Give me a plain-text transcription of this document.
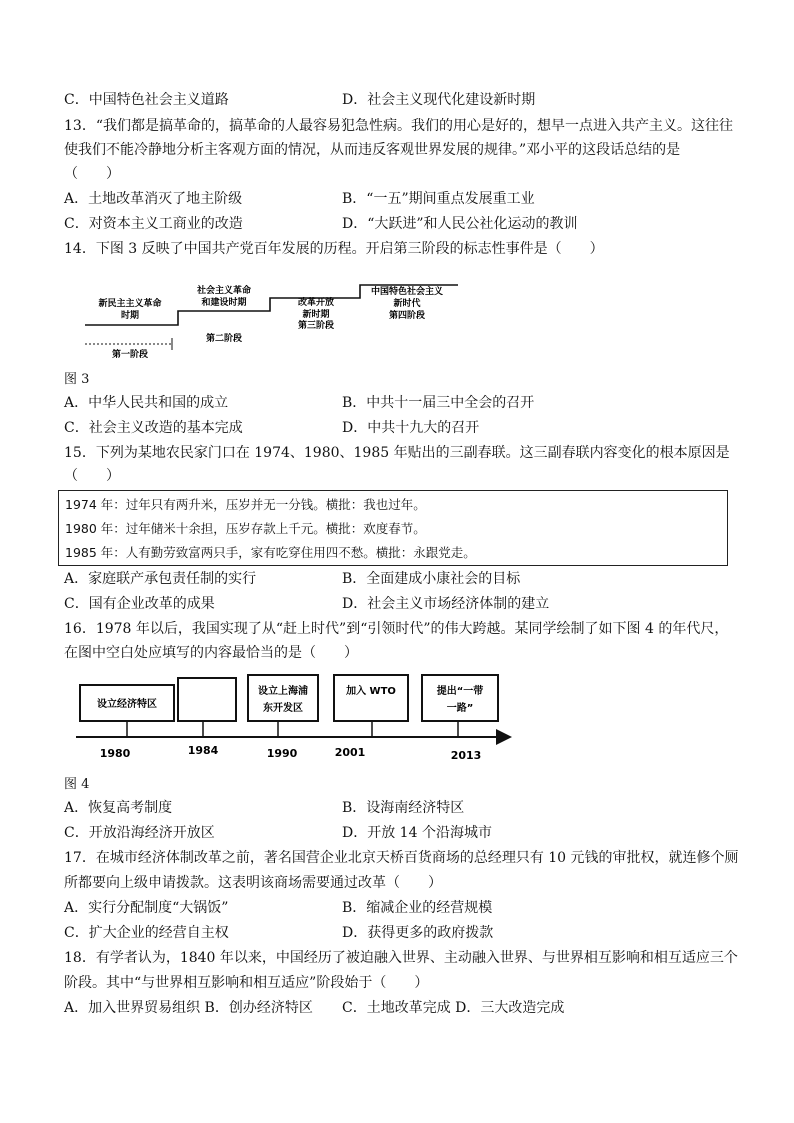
C．中国特色社会主义道路	D．社会主义现代化建设新时期
13．“我们都是搞革命的，搞革命的人最容易犯急性病。我们的用心是好的，想早一点进入共产主义。这往往
使我们不能冷静地分析主客观方面的情况，从而违反客观世界发展的规律。”邓小平的这段话总结的是
（　　）
A．土地改革消灭了地主阶级	B．“一五”期间重点发展重工业
C．对资本主义工商业的改造	D．“大跃进”和人民公社化运动的教训
14．下图 3 反映了中国共产党百年发展的历程。开启第三阶段的标志性事件是（　　）
新民主主义革命
时期
第一阶段
社会主义革命
和建设时期
第二阶段
改革开放
新时期
第三阶段
中国特色社会主义
新时代
第四阶段
图 3
A．中华人民共和国的成立	B．中共十一届三中全会的召开
C．社会主义改造的基本完成	D．中共十九大的召开
15．下列为某地农民家门口在 1974、1980、1985 年贴出的三副春联。这三副春联内容变化的根本原因是
（　　）
1974 年：过年只有两升米，压岁并无一分钱。横批：我也过年。
1980 年：过年储米十余担，压岁存款上千元。横批：欢度春节。
1985 年：人有勤劳致富两只手，家有吃穿住用四不愁。横批：永跟党走。
A．家庭联产承包责任制的实行	B．全面建成小康社会的目标
C．国有企业改革的成果	D．社会主义市场经济体制的建立
16．1978 年以后，我国实现了从“赶上时代”到“引领时代”的伟大跨越。某同学绘制了如下图 4 的年代尺，
在图中空白处应填写的内容最恰当的是（　　）
设立经济特区
设立上海浦
东开发区
加入 WTO	提出“一带
一路”
1980	1984	1990	2001	2013
图 4
A．恢复高考制度	B．设海南经济特区
C．开放沿海经济开放区	D．开放 14 个沿海城市
17．在城市经济体制改革之前，著名国营企业北京天桥百货商场的总经理只有 10 元钱的审批权，就连修个厕
所都要向上级申请拨款。这表明该商场需要通过改革（　　）
A．实行分配制度“大锅饭”	B．缩减企业的经营规模
C．扩大企业的经营自主权	D．获得更多的政府拨款
18．有学者认为，1840 年以来，中国经历了被迫融入世界、主动融入世界、与世界相互影响和相互适应三个
阶段。其中“与世界相互影响和相互适应”阶段始于（　　）
A．加入世界贸易组织 B．创办经济特区 C．土地改革完成 D．三大改造完成
